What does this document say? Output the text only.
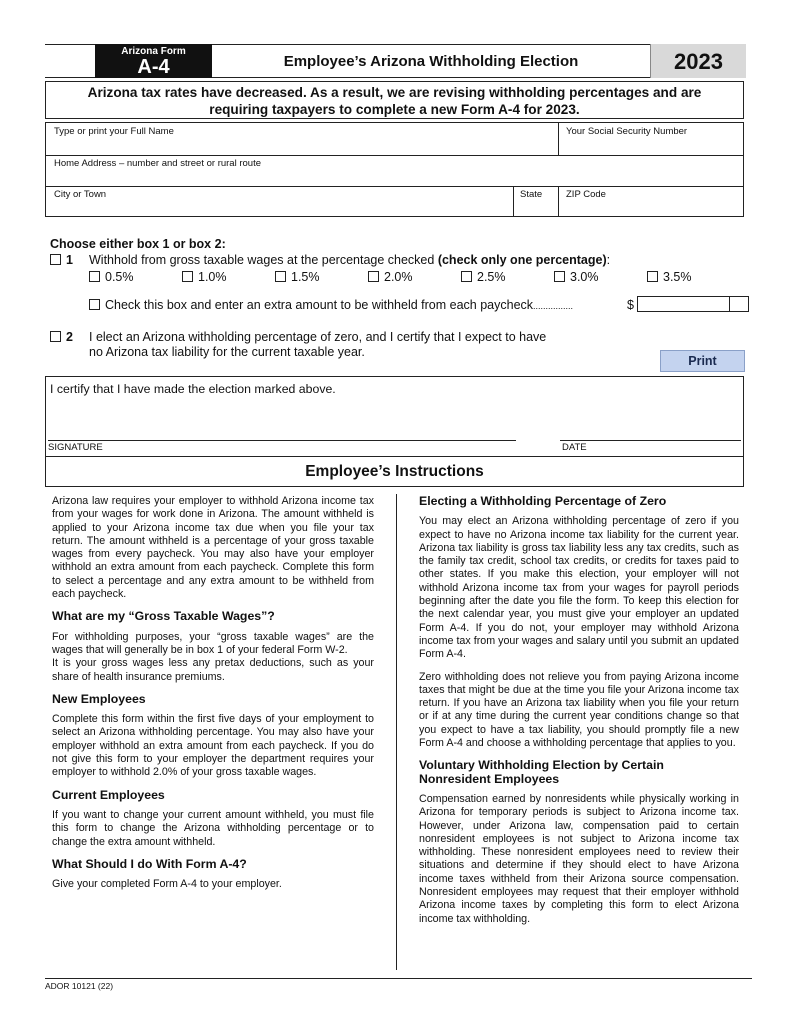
Arizona Form
A-4	Employee’s Arizona Withholding Election	2023
Arizona tax rates have decreased. As a result, we are revising withholding percentages and are
requiring taxpayers to complete a new Form A-4 for 2023.
Type or print your Full Name	Your Social Security Number
Home Address – number and street or rural route
City or Town	State	ZIP Code
Choose either box 1 or box 2:
1 Withhold from gross taxable wages at the percentage checked (check only one percentage):
0.5%	1.0%	1.5%	2.0%	2.5%	3.0%	3.5%
Check this box and enter an extra amount to be withheld from each paycheck................	$
2 I elect an Arizona withholding percentage of zero, and I certify that I expect to have
no Arizona tax liability for the current taxable year.
Print
I certify that I have made the election marked above.
SIGNATURE	DATE
Employee’s Instructions

Arizona law requires your employer to withhold Arizona income tax from your wages for work done in Arizona. The amount withheld is applied to your Arizona income tax due when you file your tax return. The amount withheld is a percentage of your gross taxable wages from every paycheck. You may also have your employer withhold an extra amount from each paycheck. Complete this form to select a percentage and any extra amount to be withheld from each paycheck.

What are my “Gross Taxable Wages”?

For withholding purposes, your “gross taxable wages” are the wages that will generally be in box 1 of your federal Form W-2.

It is your gross wages less any pretax deductions, such as your share of health insurance premiums.

New Employees

Complete this form within the first five days of your employment to select an Arizona withholding percentage. You may also have your employer withhold an extra amount from each paycheck. If you do not give this form to your employer the department requires your employer to withhold 2.0% of your gross taxable wages.

Current Employees

If you want to change your current amount withheld, you must file this form to change the Arizona withholding percentage or to change the extra amount withheld.

What Should I do With Form A-4?

Give your completed Form A-4 to your employer.

Electing a Withholding Percentage of Zero

You may elect an Arizona withholding percentage of zero if you expect to have no Arizona income tax liability for the current year. Arizona tax liability is gross tax liability less any tax credits, such as the family tax credit, school tax credits, or credits for taxes paid to other states. If you make this election, your employer will not withhold Arizona income tax from your wages for payroll periods beginning after the date you file the form. To keep this election for the next calendar year, you must give your employer an updated Form A-4. If you do not, your employer may withhold Arizona income tax from your wages and salary until you submit an updated Form A-4.

Zero withholding does not relieve you from paying Arizona income taxes that might be due at the time you file your Arizona income tax return. If you have an Arizona tax liability when you file your return or if at any time during the current year conditions change so that you expect to have a tax liability, you should promptly file a new Form A-4 and choose a withholding percentage that applies to you.

Voluntary Withholding Election by Certain Nonresident Employees

Compensation earned by nonresidents while physically working in Arizona for temporary periods is subject to Arizona income tax. However, under Arizona law, compensation paid to certain nonresident employees is not subject to Arizona income tax withholding. These nonresident employees need to review their situations and determine if they should elect to have Arizona income taxes withheld from their Arizona source compensation. Nonresident employees may request that their employer withhold Arizona income taxes by completing this form to elect Arizona income tax withholding.

ADOR 10121 (22)
